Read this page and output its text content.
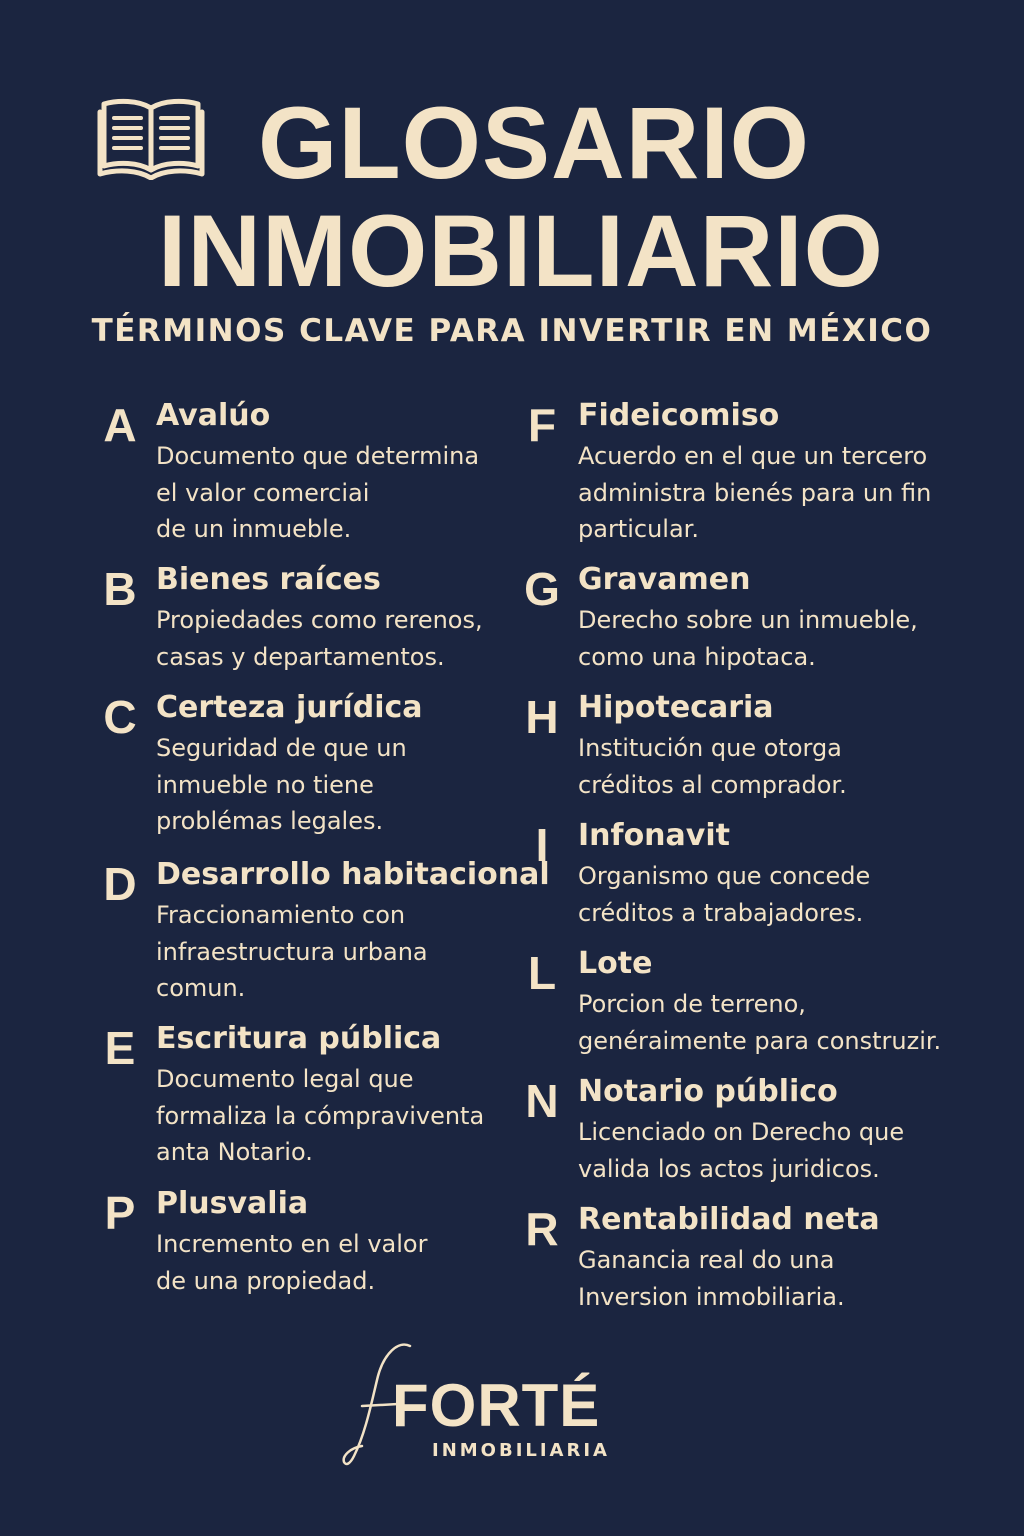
GLOSARIO
INMOBILIARIO
TÉRMINOS CLAVE PARA INVERTIR EN MÉXICO
A Avalúo
Documento que determina
el valor comerciai
de un inmueble.
B Bienes raíces
Propiedades como rerenos,
casas y departamentos.
C Certeza jurídica
Seguridad de que un
inmueble no tiene
problémas legales.
D Desarrollo habitacional
Fraccionamiento con
infraestructura urbana
comun.
E Escritura pública
Documento legal que
formaliza la cómpraviventa
anta Notario.
P Plusvalia
Incremento en el valor
de una propiedad.
F Fideicomiso
Acuerdo en el que un tercero
administra bienés para un fin
particular.
G Gravamen
Derecho sobre un inmueble,
como una hipotaca.
H Hipotecaria
Institución que otorga
créditos al comprador.
I Infonavit
Organismo que concede
créditos a trabajadores.
L Lote
Porcion de terreno,
genéraimente para construzir.
N Notario público
Licenciado on Derecho que
valida los actos juridicos.
R Rentabilidad neta
Ganancia real do una
Inversion inmobiliaria.
FORTÉ
INMOBILIARIA
